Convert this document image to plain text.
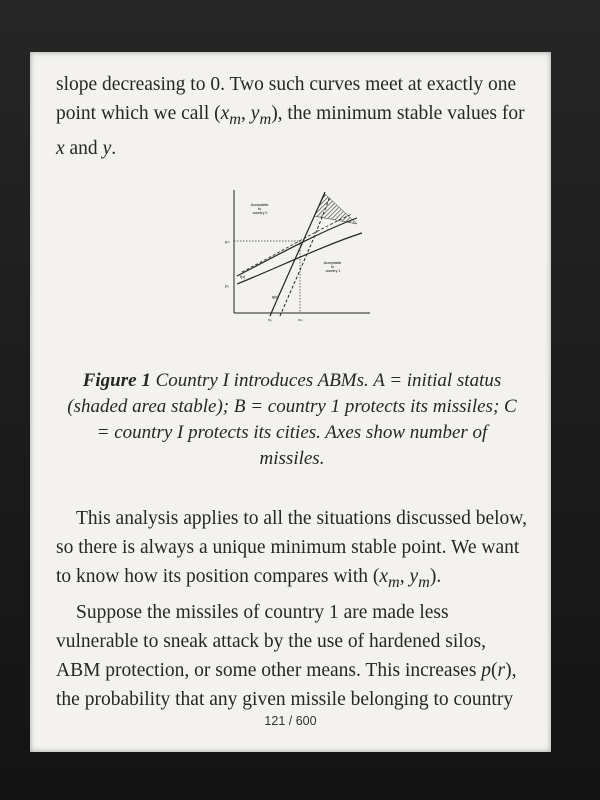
slope decreasing to 0. Two such curves meet at exactly one point which we call ($x_m$, $y_m$), the minimum stable values for x and y.

Acceptable to country 2
Acceptable to country 1
yₘ
y₀
x₀	xₘ
f(x)
g(y)
Figure 1 Country I introduces ABMs. A = initial status (shaded area stable); B = country 1 protects its missiles; C = country I protects its cities. Axes show number of missiles.

This analysis applies to all the situations discussed below, so there is always a unique minimum stable point. We want to know how its position compares with ($x_m$, $y_m$).

Suppose the missiles of country 1 are made less vulnerable to sneak attack by the use of hardened silos, ABM protection, or some other means. This increases p(r), the probability that any given missile belonging to country

121 / 600
